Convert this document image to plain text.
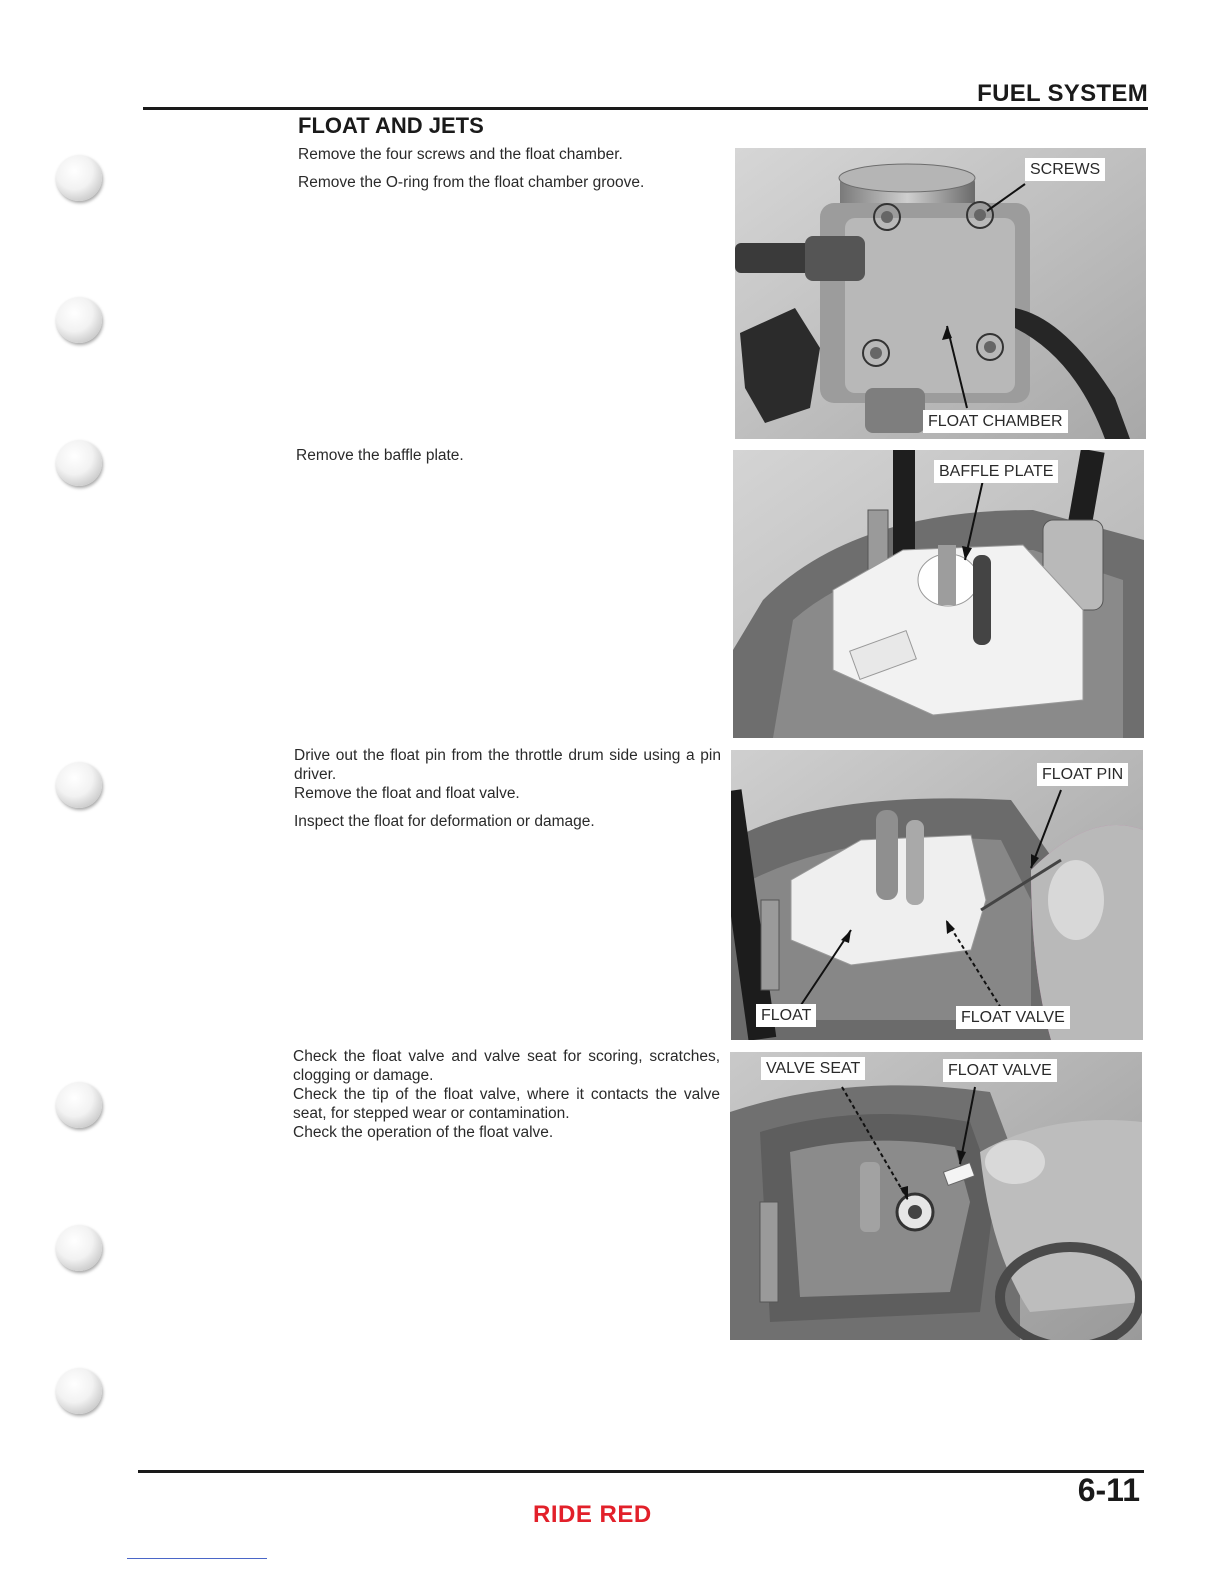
FUEL SYSTEM
FLOAT AND JETS
Remove the four screws and the float chamber.
Remove the O-ring from the float chamber groove.
Remove the baffle plate.
Drive out the float pin from the throttle drum side using a pin driver.
Remove the float and float valve.
Inspect the float for deformation or damage.
Check the float valve and valve seat for scoring, scratches, clogging or damage.
Check the tip of the float valve, where it contacts the valve seat, for stepped wear or contamination.
Check the operation of the float valve.
SCREWS
FLOAT CHAMBER
BAFFLE PLATE
FLOAT PIN
FLOAT	FLOAT VALVE
VALVE SEAT	FLOAT VALVE
6-11
RIDE RED
